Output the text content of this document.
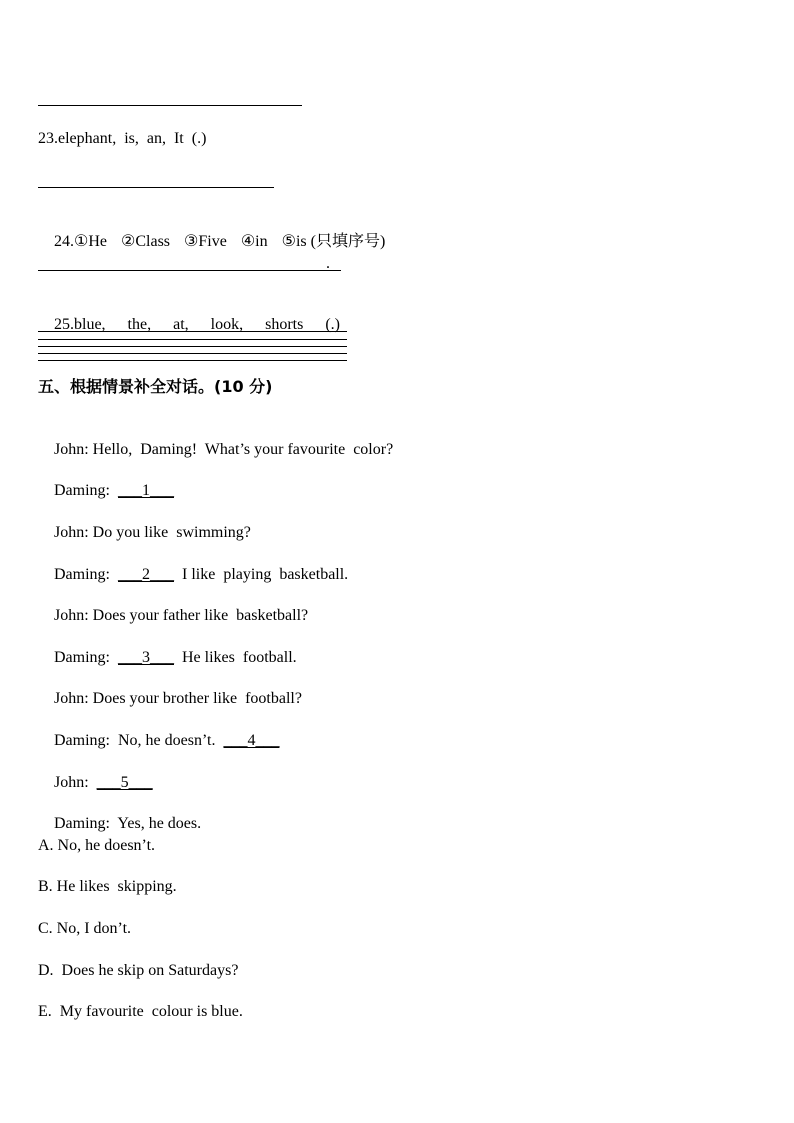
23.elephant,  is,  an,  It  (.)

24.①He ②Class ③Five ④in ⑤is (只填序号)

.

25.blue, the, at, look, shorts (.)

五、根据情景补全对话。(10 分)

John: Hello,  Daming!  What’s your favourite  color?

Daming: ___1___

John: Do you like  swimming?

Daming: ___2___  I like  playing  basketball.

John: Does your father like  basketball?

Daming: ___3___  He likes  football.

John: Does your brother like  football?

Daming:  No, he doesn’t.  ___4___

John: ___5___

Daming:  Yes, he does.

A. No, he doesn’t.
B. He likes  skipping.
C. No, I don’t.
D.  Does he skip on Saturdays?
E.  My favourite  colour is blue.
